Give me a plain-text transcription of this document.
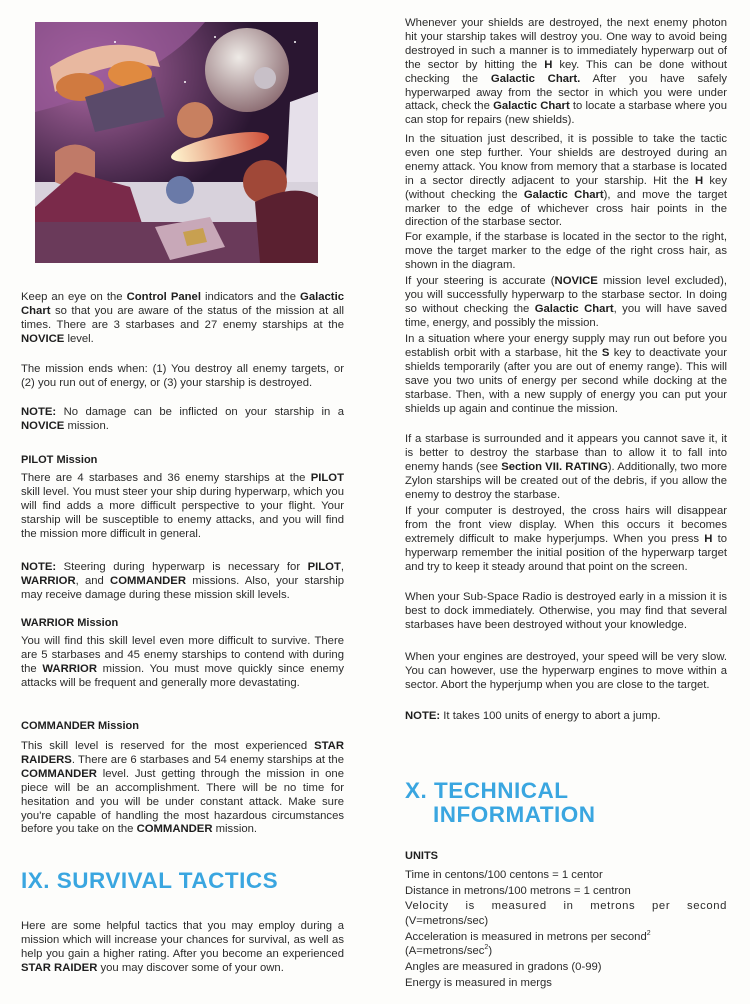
Keep an eye on the Control Panel indicators and the Galactic Chart so that you are aware of the status of the mission at all times. There are 3 starbases and 27 enemy starships at the NOVICE level.

The mission ends when: (1) You destroy all enemy targets, or (2) you run out of energy, or (3) your starship is destroyed.

NOTE: No damage can be inflicted on your starship in a NOVICE mission.

PILOT Mission

There are 4 starbases and 36 enemy starships at the PILOT skill level. You must steer your ship during hyperwarp, which you will find adds a more difficult perspective to your flight. Your starship will be susceptible to enemy attacks, and you will find the mission more difficult in general.

NOTE: Steering during hyperwarp is necessary for PILOT, WARRIOR, and COMMANDER missions. Also, your starship may receive damage during these mission skill levels.

WARRIOR Mission

You will find this skill level even more difficult to survive. There are 5 starbases and 45 enemy starships to contend with during the WARRIOR mission. You must move quickly since enemy attacks will be frequent and generally more devastating.

COMMANDER Mission

This skill level is reserved for the most experienced STAR RAIDERS. There are 6 starbases and 54 enemy starships at the COMMANDER level. Just getting through the mission in one piece will be an accomplishment. There will be no time for hesitation and you will be under constant attack. Make sure you're capable of handling the most hazardous circumstances before you take on the COMMANDER mission.

IX. SURVIVAL TACTICS

Here are some helpful tactics that you may employ during a mission which will increase your chances for survival, as well as help you gain a higher rating. After you become an experienced STAR RAIDER you may discover some of your own.

Whenever your shields are destroyed, the next enemy photon hit your starship takes will destroy you. One way to avoid being destroyed in such a manner is to immediately hyperwarp out of the sector by hitting the H key. This can be done without checking the Galactic Chart. After you have safely hyperwarped away from the sector in which you were under attack, check the Galactic Chart to locate a starbase where you can stop for repairs (new shields).

In the situation just described, it is possible to take the tactic even one step further. Your shields are destroyed during an enemy attack. You know from memory that a starbase is located in a sector directly adjacent to your starship. Hit the H key (without checking the Galactic Chart), and move the target marker to the edge of whichever cross hair points in the direction of the starbase sector.

For example, if the starbase is located in the sector to the right, move the target marker to the edge of the right cross hair, as shown in the diagram.

If your steering is accurate (NOVICE mission level excluded), you will successfully hyperwarp to the starbase sector. In doing so without checking the Galactic Chart, you will have saved time, energy, and possibly the mission.

In a situation where your energy supply may run out before you establish orbit with a starbase, hit the S key to deactivate your shields temporarily (after you are out of enemy range). This will save you two units of energy per second while docking at the starbase. Then, with a new supply of energy you can put your shields up again and continue the mission.

If a starbase is surrounded and it appears you cannot save it, it is better to destroy the starbase than to allow it to fall into enemy hands (see Section VII. RATING). Additionally, two more Zylon starships will be created out of the debris, if you allow the enemy to destroy the starbase.

If your computer is destroyed, the cross hairs will disappear from the front view display. When this occurs it becomes extremely difficult to make hyperjumps. When you press H to hyperwarp remember the initial position of the hyperwarp target and try to keep it steady around that point on the screen.

When your Sub-Space Radio is destroyed early in a mission it is best to dock immediately. Otherwise, you may find that several starbases have been destroyed without your knowledge.

When your engines are destroyed, your speed will be very slow. You can however, use the hyperwarp engines to move within a sector. Abort the hyperjump when you are close to the target.

NOTE: It takes 100 units of energy to abort a jump.

X. TECHNICAL
INFORMATION
UNITS
Time in centons/100 centons = 1 centor
Distance in metrons/100 metrons = 1 centron
Velocity is measured in metrons per second
(V=metrons/sec)
Acceleration is measured in metrons per second$^2$
$(A=metrons/\sec^2)$
Angles are measured in gradons (0-99)
Energy is measured in mergs
